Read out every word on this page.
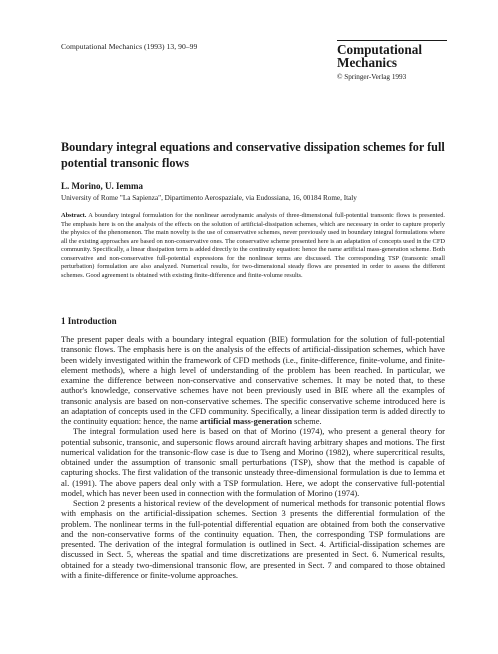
Computational Mechanics (1993) 13, 90–99	Computational
Mechanics
© Springer-Verlag 1993
Boundary integral equations and conservative dissipation schemes for full potential transonic flows
L. Morino, U. Iemma
University of Rome "La Sapienza", Dipartimento Aerospaziale, via Eudossiana, 16, 00184 Rome, Italy
Abstract. A boundary integral formulation for the nonlinear aerodynamic analysis of three-dimensional full-potential transonic flows is presented. The emphasis here is on the analysis of the effects on the solution of artificial-dissipation schemes, which are necessary in order to capture properly the physics of the phenomenon. The main novelty is the use of conservative schemes, never previously used in boundary integral formulations where all the existing approaches are based on non-conservative ones. The conservative scheme presented here is an adaptation of concepts used in the CFD community. Specifically, a linear dissipation term is added directly to the continuity equation: hence the name artificial mass-generation scheme. Both conservative and non-conservative full-potential expressions for the nonlinear terms are discussed. The corresponding TSP (transonic small perturbation) formulation are also analyzed. Numerical results, for two-dimensional steady flows are presented in order to assess the different schemes. Good agreement is obtained with existing finite-difference and finite-volume results.
1 Introduction

The present paper deals with a boundary integral equation (BIE) formulation for the solution of full-potential transonic flows. The emphasis here is on the analysis of the effects of artificial-dissipation schemes, which have been widely investigated within the framework of CFD methods (i.e., finite-difference, finite-volume, and finite-element methods), where a high level of understanding of the problem has been reached. In particular, we examine the difference between non-conservative and conservative schemes. It may be noted that, to these author's knowledge, conservative schemes have not been previously used in BIE where all the examples of transonic analysis are based on non-conservative schemes. The specific conservative scheme introduced here is an adaptation of concepts used in the CFD community. Specifically, a linear dissipation term is added directly to the continuity equation: hence, the name artificial mass-generation scheme.

The integral formulation used here is based on that of Morino (1974), who present a general theory for potential subsonic, transonic, and supersonic flows around aircraft having arbitrary shapes and motions. The first numerical validation for the transonic-flow case is due to Tseng and Morino (1982), where supercritical results, obtained under the assumption of transonic small perturbations (TSP), show that the method is capable of capturing shocks. The first validation of the transonic unsteady three-dimensional formulation is due to Iemma et al. (1991). The above papers deal only with a TSP formulation. Here, we adopt the conservative full-potential model, which has never been used in connection with the formulation of Morino (1974).

Section 2 presents a historical review of the development of numerical methods for transonic potential flows with emphasis on the artificial-dissipation schemes. Section 3 presents the differential formulation of the problem. The nonlinear terms in the full-potential differential equation are obtained from both the conservative and the non-conservative forms of the continuity equation. Then, the corresponding TSP formulations are presented. The derivation of the integral formulation is outlined in Sect. 4. Artificial-dissipation schemes are discussed in Sect. 5, whereas the spatial and time discretizations are presented in Sect. 6. Numerical results, obtained for a steady two-dimensional transonic flow, are presented in Sect. 7 and compared to those obtained with a finite-difference or finite-volume approaches.
